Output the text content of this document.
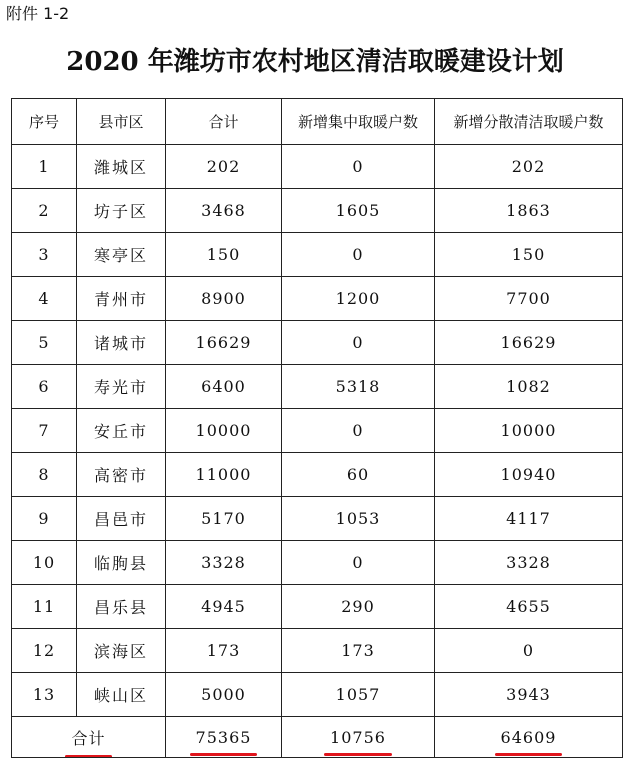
附件 1-2
2020 年潍坊市农村地区清洁取暖建设计划
序号	县市区	合计	新增集中取暖户数	新增分散清洁取暖户数
1	潍城区	202	0	202
2	坊子区	3468	1605	1863
3	寒亭区	150	0	150
4	青州市	8900	1200	7700
5	诸城市	16629	0	16629
6	寿光市	6400	5318	1082
7	安丘市	10000	0	10000
8	高密市	11000	60	10940
9	昌邑市	5170	1053	4117
10	临朐县	3328	0	3328
11	昌乐县	4945	290	4655
12	滨海区	173	173	0
13	峡山区	5000	1057	3943
合计		75365	10756	64609
